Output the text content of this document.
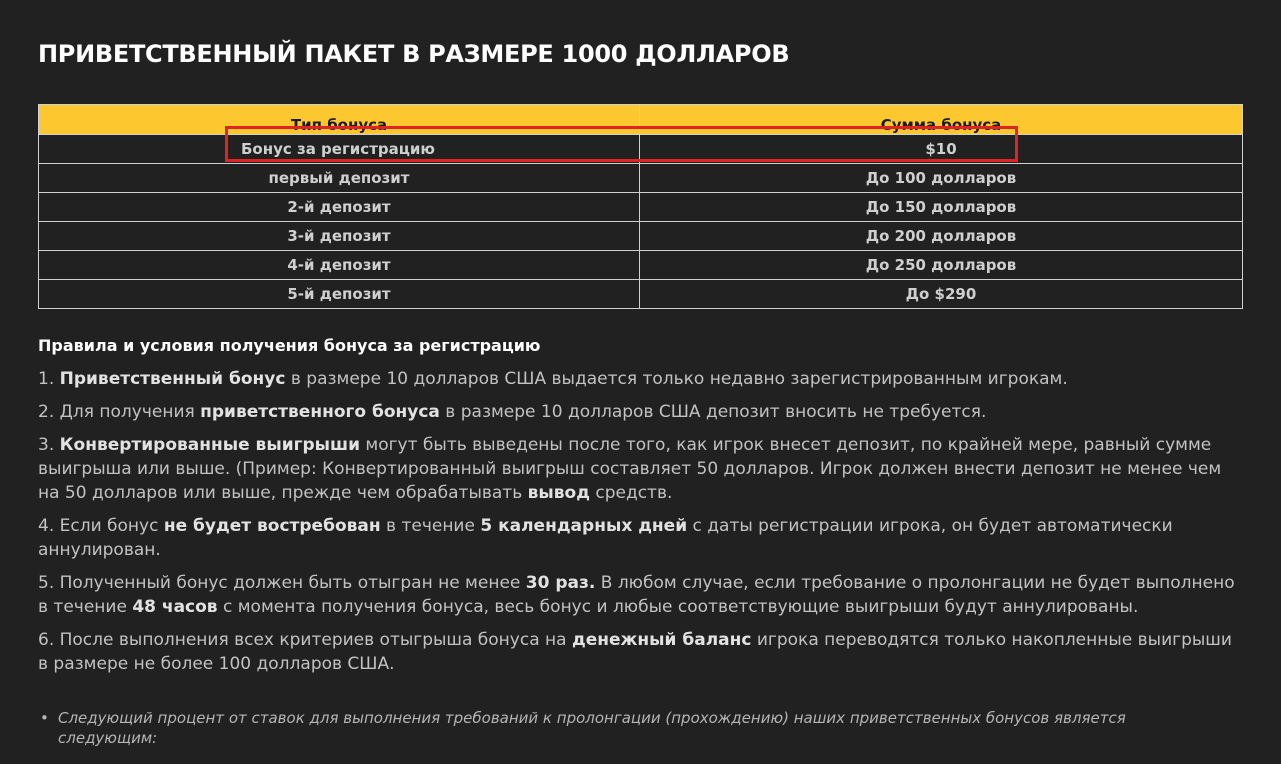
ПРИВЕТСТВЕННЫЙ ПАКЕТ В РАЗМЕРЕ 1000 ДОЛЛАРОВ
Тип бонуса	Сумма бонуса
Бонус за регистрацию	$10
первый депозит	До 100 долларов
2-й депозит	До 150 долларов
3-й депозит	До 200 долларов
4-й депозит	До 250 долларов
5-й депозит	До $290
Правила и условия получения бонуса за регистрацию

1. Приветственный бонус в размере 10 долларов США выдается только недавно зарегистрированным игрокам.

2. Для получения приветственного бонуса в размере 10 долларов США депозит вносить не требуется.

3. Конвертированные выигрыши могут быть выведены после того, как игрок внесет депозит, по крайней мере, равный сумме выигрыша или выше. (Пример: Конвертированный выигрыш составляет 50 долларов. Игрок должен внести депозит не менее чем на 50 долларов или выше, прежде чем обрабатывать вывод средств.

4. Если бонус не будет востребован в течение 5 календарных дней с даты регистрации игрока, он будет автоматически аннулирован.

5. Полученный бонус должен быть отыгран не менее 30 раз. В любом случае, если требование о пролонгации не будет выполнено в течение 48 часов с момента получения бонуса, весь бонус и любые соответствующие выигрыши будут аннулированы.

6. После выполнения всех критериев отыгрыша бонуса на денежный баланс игрока переводятся только накопленные выигрыши в размере не более 100 долларов США.

• Следующий процент от ставок для выполнения требований к пролонгации (прохождению) наших приветственных бонусов является следующим:
